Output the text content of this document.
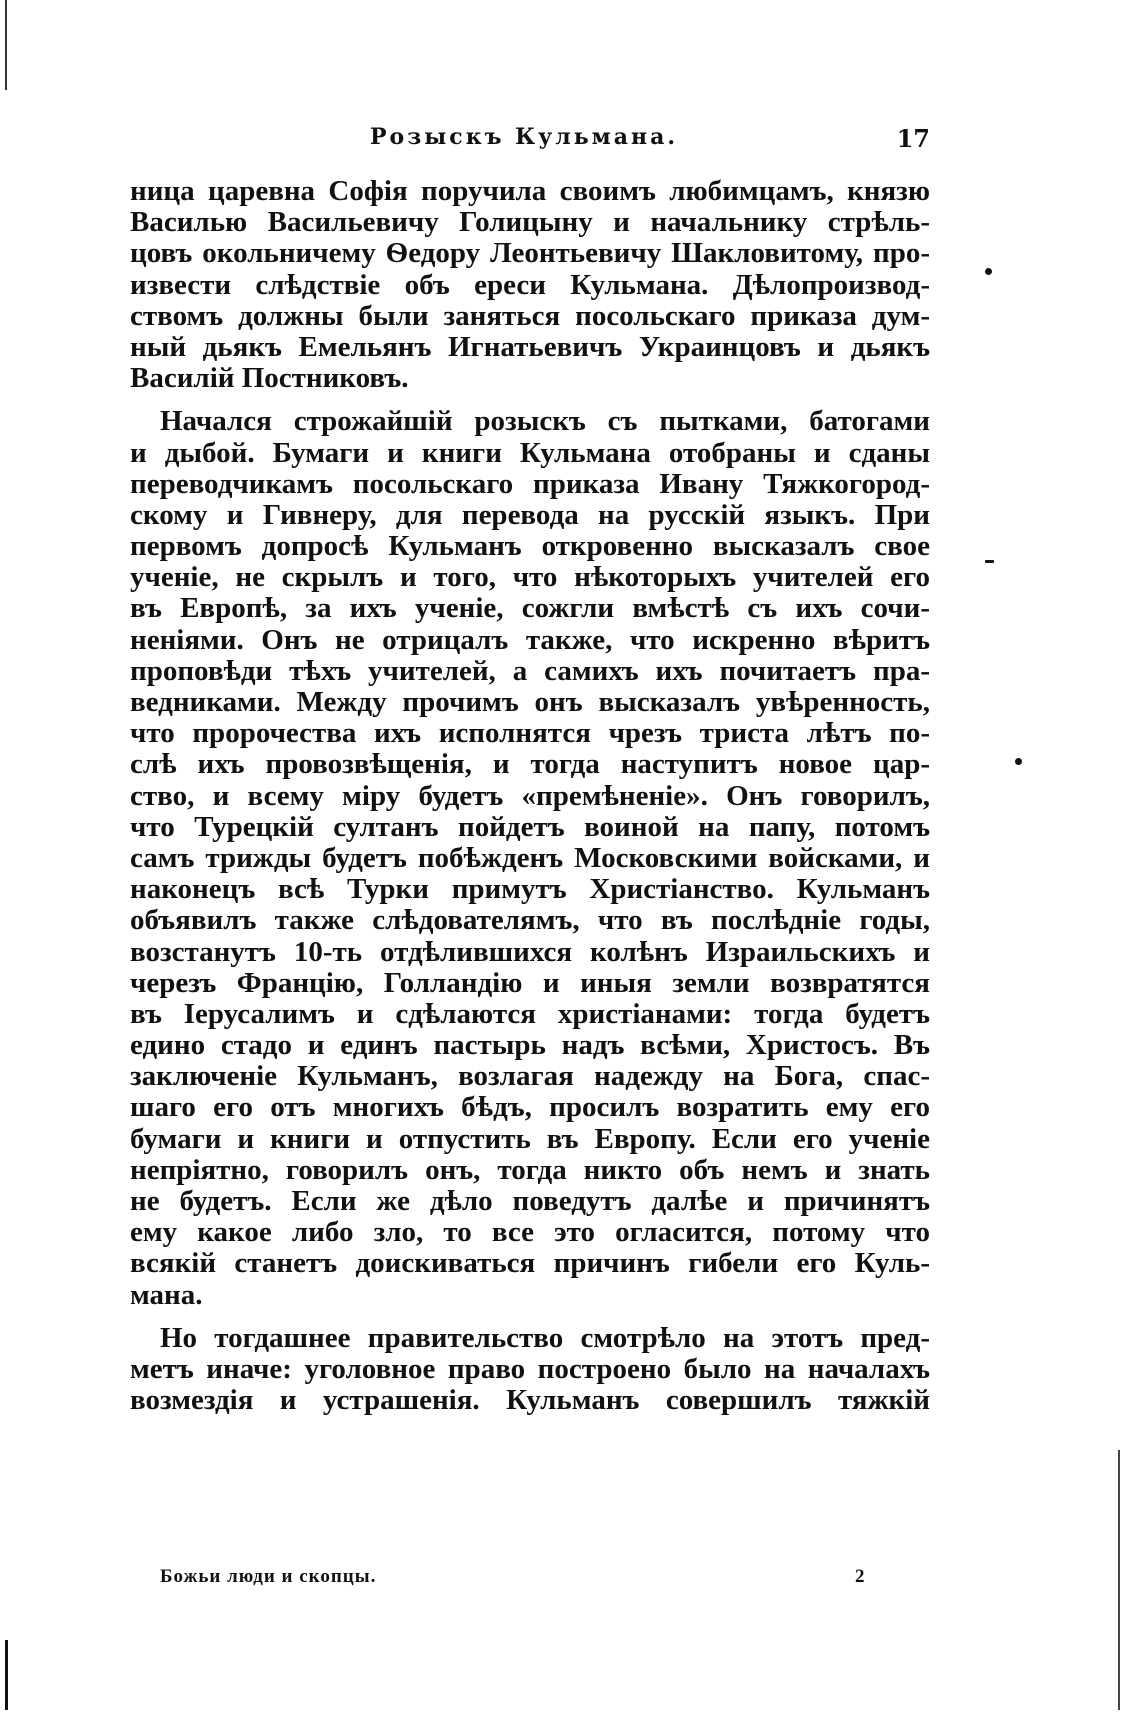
Розыскъ Кульмана.	17
ница царевна Софія поручила своимъ любимцамъ, князю
Василью Васильевичу Голицыну и начальнику стрѣль-
цовъ окольничему Ѳедору Леонтьевичу Шакловитому, про-
извести слѣдствіе объ ереси Кульмана. Дѣлопроизвод-
ствомъ должны были заняться посольскаго приказа дум-
ный дьякъ Емельянъ Игнатьевичъ Украинцовъ и дьякъ
Василій Постниковъ.
Начался строжайшій розыскъ съ пытками, батогами
и дыбой. Бумаги и книги Кульмана отобраны и сданы
переводчикамъ посольскаго приказа Ивану Тяжкогород-
скому и Гивнеру, для перевода на русскій языкъ. При
первомъ допросѣ Кульманъ откровенно высказалъ свое
ученіе, не скрылъ и того, что нѣкоторыхъ учителей его
въ Европѣ, за ихъ ученіе, сожгли вмѣстѣ съ ихъ сочи-
неніями. Онъ не отрицалъ также, что искренно вѣритъ
проповѣди тѣхъ учителей, а самихъ ихъ почитаетъ пра-
ведниками. Между прочимъ онъ высказалъ увѣренность,
что пророчества ихъ исполнятся чрезъ триста лѣтъ по-
слѣ ихъ провозвѣщенія, и тогда наступитъ новое цар-
ство, и всему міру будетъ «премѣненіе». Онъ говорилъ,
что Турецкій султанъ пойдетъ воиной на папу, потомъ
самъ трижды будетъ побѣжденъ Московскими войсками, и
наконецъ всѣ Турки примутъ Христіанство. Кульманъ
объявилъ также слѣдователямъ, что въ послѣдніе годы,
возстанутъ 10-ть отдѣлившихся колѣнъ Израильскихъ и
черезъ Францію, Голландію и иныя земли возвратятся
въ Іерусалимъ и сдѣлаются христіанами: тогда будетъ
едино стадо и единъ пастырь надъ всѣми, Христосъ. Въ
заключеніе Кульманъ, возлагая надежду на Бога, спас-
шаго его отъ многихъ бѣдъ, просилъ возратить ему его
бумаги и книги и отпустить въ Европу. Если его ученіе
непріятно, говорилъ онъ, тогда никто объ немъ и знать
не будетъ. Если же дѣло поведутъ далѣе и причинятъ
ему какое либо зло, то все это огласится, потому что
всякій станетъ доискиваться причинъ гибели его Куль-
мана.
Но тогдашнее правительство смотрѣло на этотъ пред-
метъ иначе: уголовное право построено было на началахъ
возмездія и устрашенія. Кульманъ совершилъ тяжкій
Божьи люди и скопцы.	2
